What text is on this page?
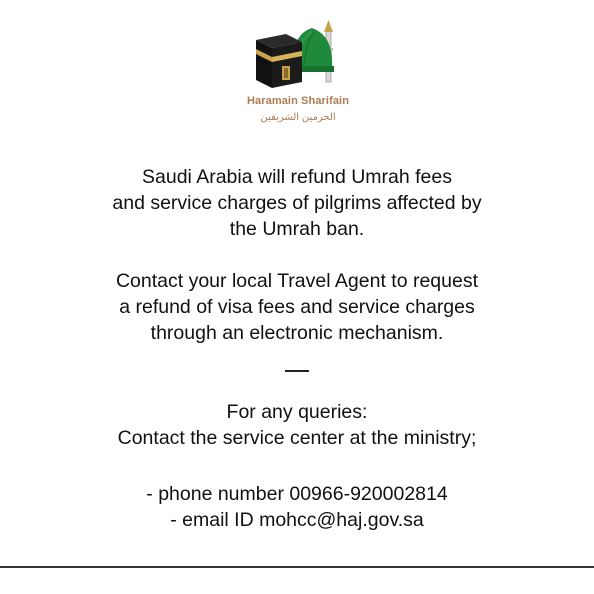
Haramain Sharifain
الحرمين الشريفين
Saudi Arabia will refund Umrah fees
and service charges of pilgrims affected by
the Umrah ban.
Contact your local Travel Agent to request
a refund of visa fees and service charges
through an electronic mechanism.
For any queries:
Contact the service center at the ministry;
- phone number 00966-920002814
- email ID mohcc@haj.gov.sa
